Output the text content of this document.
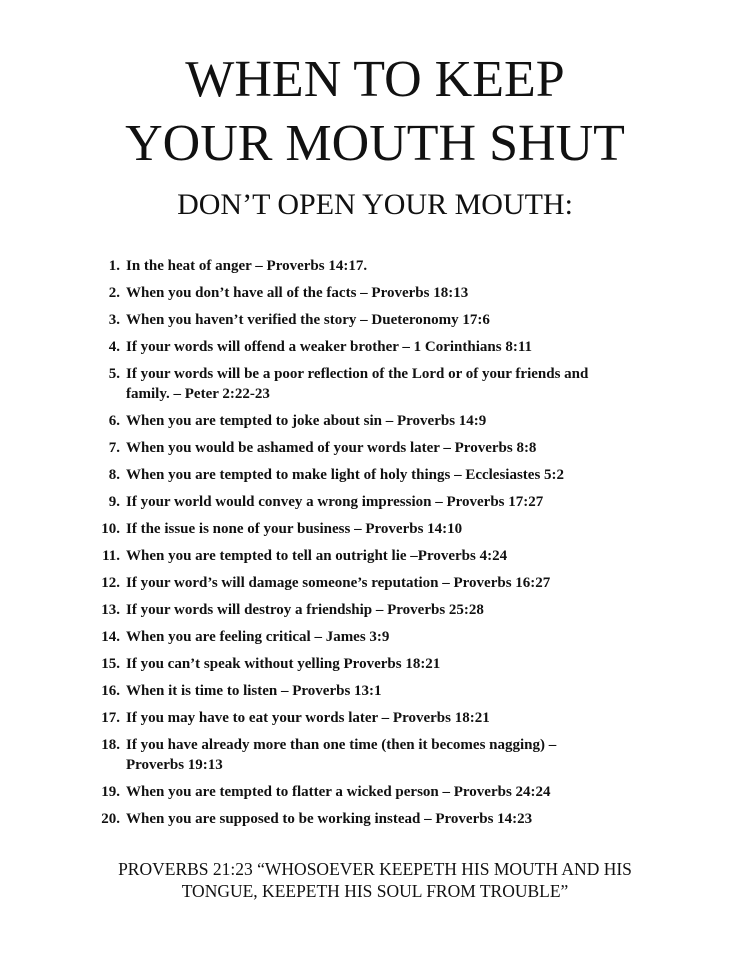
WHEN TO KEEP
YOUR MOUTH SHUT
DON’T OPEN YOUR MOUTH:
1. In the heat of anger – Proverbs 14:17.
2. When you don’t have all of the facts – Proverbs 18:13
3. When you haven’t verified the story – Dueteronomy 17:6
4. If your words will offend a weaker brother – 1 Corinthians 8:11
5. If your words will be a poor reflection of the Lord or of your friends and
family. – Peter 2:22-23
6. When you are tempted to joke about sin – Proverbs 14:9
7. When you would be ashamed of your words later – Proverbs 8:8
8. When you are tempted to make light of holy things – Ecclesiastes 5:2
9. If your world would convey a wrong impression – Proverbs 17:27
10. If the issue is none of your business – Proverbs 14:10
11. When you are tempted to tell an outright lie –Proverbs 4:24
12. If your word’s will damage someone’s reputation – Proverbs 16:27
13. If your words will destroy a friendship – Proverbs 25:28
14. When you are feeling critical – James 3:9
15. If you can’t speak without yelling Proverbs 18:21
16. When it is time to listen – Proverbs 13:1
17. If you may have to eat your words later – Proverbs 18:21
18. If you have already more than one time (then it becomes nagging) –
Proverbs 19:13
19. When you are tempted to flatter a wicked person – Proverbs 24:24
20. When you are supposed to be working instead – Proverbs 14:23
PROVERBS 21:23 “WHOSOEVER KEEPETH HIS MOUTH AND HIS
TONGUE, KEEPETH HIS SOUL FROM TROUBLE”
